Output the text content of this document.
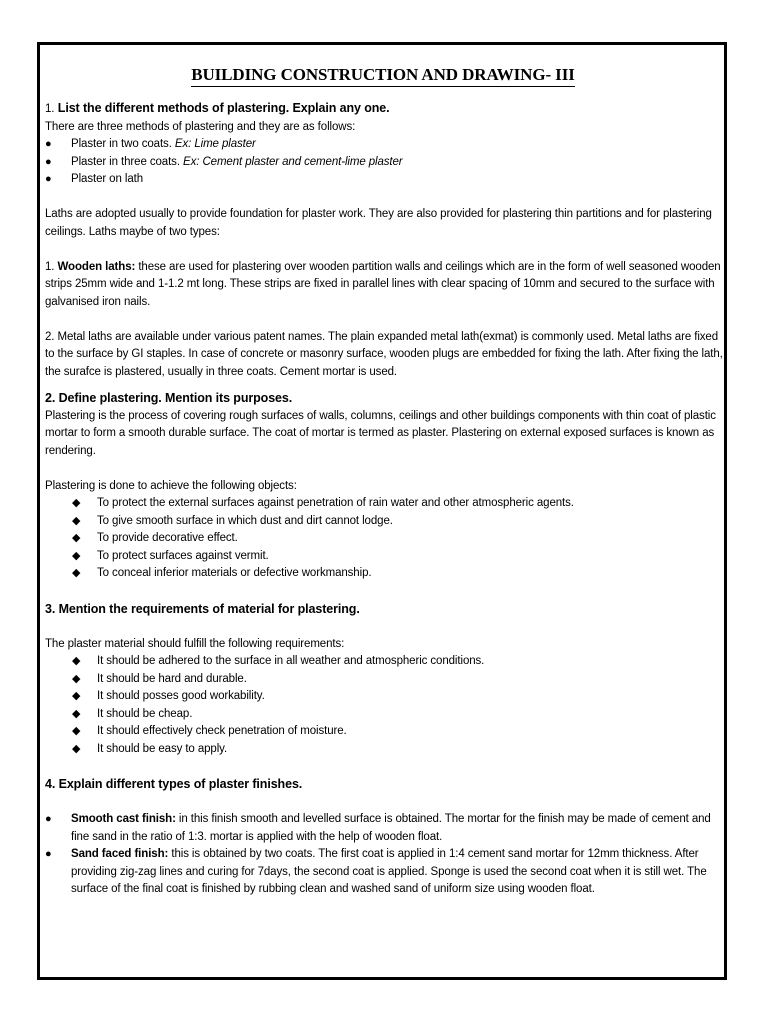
BUILDING CONSTRUCTION AND DRAWING- III

1. List the different methods of plastering. Explain any one.

There are three methods of plastering and they are as follows:

● Plaster in two coats. Ex: Lime plaster
● Plaster in three coats. Ex: Cement plaster and cement-lime plaster
● Plaster on lath

Laths are adopted usually to provide foundation for plaster work. They are also provided for plastering thin partitions and for plastering ceilings. Laths maybe of two types:

1. Wooden laths: these are used for plastering over wooden partition walls and ceilings which are in the form of well seasoned wooden strips 25mm wide and 1-1.2 mt long. These strips are fixed in parallel lines with clear spacing of 10mm and secured to the surface with galvanised iron nails.

2. Metal laths are available under various patent names. The plain expanded metal lath(exmat) is commonly used. Metal laths are fixed to the surface by GI staples. In case of concrete or masonry surface, wooden plugs are embedded for fixing the lath. After fixing the lath, the surafce is plastered, usually in three coats. Cement mortar is used.

2. Define plastering. Mention its purposes.

Plastering is the process of covering rough surfaces of walls, columns, ceilings and other buildings components with thin coat of plastic mortar to form a smooth durable surface. The coat of mortar is termed as plaster. Plastering on external exposed surfaces is known as rendering.

Plastering is done to achieve the following objects:

◆ To protect the external surfaces against penetration of rain water and other atmospheric agents.
◆ To give smooth surface in which dust and dirt cannot lodge.
◆ To provide decorative effect.
◆ To protect surfaces against vermit.
◆ To conceal inferior materials or defective workmanship.

3. Mention the requirements of material for plastering.

The plaster material should fulfill the following requirements:

◆ It should be adhered to the surface in all weather and atmospheric conditions.
◆ It should be hard and durable.
◆ It should posses good workability.
◆ It should be cheap.
◆ It should effectively check penetration of moisture.
◆ It should be easy to apply.

4. Explain different types of plaster finishes.

● Smooth cast finish: in this finish smooth and levelled surface is obtained. The mortar for the finish may be made of cement and fine sand in the ratio of 1:3. mortar is applied with the help of wooden float.
● Sand faced finish: this is obtained by two coats. The first coat is applied in 1:4 cement sand mortar for 12mm thickness. After providing zig-zag lines and curing for 7days, the second coat is applied. Sponge is used the second coat when it is still wet. The surface of the final coat is finished by rubbing clean and washed sand of uniform size using wooden float.
